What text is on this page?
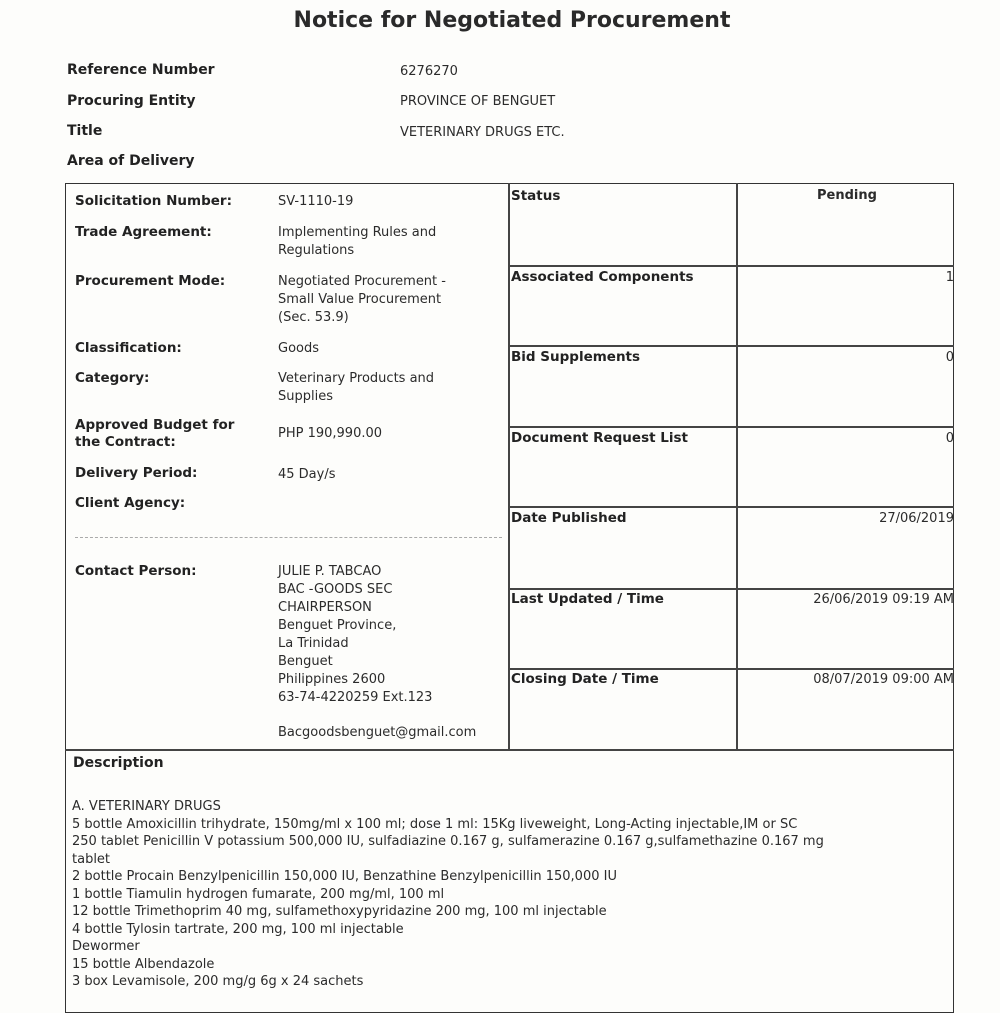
Notice for Negotiated Procurement
Reference Number	6276270
Procuring Entity	PROVINCE OF BENGUET
Title	VETERINARY DRUGS ETC.
Area of Delivery
Solicitation Number:	SV-1110-19
Trade Agreement:	Implementing Rules and
Regulations
Procurement Mode:	Negotiated Procurement -
Small Value Procurement
(Sec. 53.9)
Classification:	Goods
Category:	Veterinary Products and
Supplies
Approved Budget for
the Contract:
PHP 190,990.00
Delivery Period:	45 Day/s
Client Agency:
Contact Person:	JULIE P. TABCAO
BAC -GOODS SEC
CHAIRPERSON
Benguet Province,
La Trinidad
Benguet
Philippines 2600
63-74-4220259 Ext.123
Bacgoodsbenguet@gmail.com
Status	Pending
Associated Components	1
Bid Supplements	0
Document Request List	0
Date Published	27/06/2019
Last Updated / Time	26/06/2019 09:19 AM
Closing Date / Time	08/07/2019 09:00 AM
Description
A. VETERINARY DRUGS
5 bottle Amoxicillin trihydrate, 150mg/ml x 100 ml; dose 1 ml: 15Kg liveweight, Long-Acting injectable,IM or SC
250 tablet Penicillin V potassium 500,000 IU, sulfadiazine 0.167 g, sulfamerazine 0.167 g,sulfamethazine 0.167 mg
tablet
2 bottle Procain Benzylpenicillin 150,000 IU, Benzathine Benzylpenicillin 150,000 IU
1 bottle Tiamulin hydrogen fumarate, 200 mg/ml, 100 ml
12 bottle Trimethoprim 40 mg, sulfamethoxypyridazine 200 mg, 100 ml injectable
4 bottle Tylosin tartrate, 200 mg, 100 ml injectable
Dewormer
15 bottle Albendazole
3 box Levamisole, 200 mg/g 6g x 24 sachets
